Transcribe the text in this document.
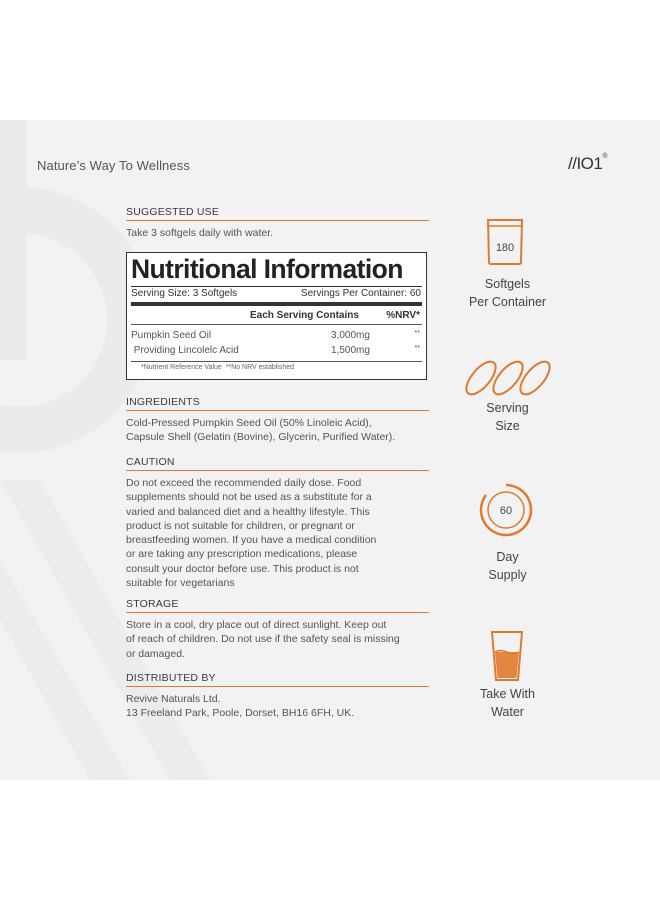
Nature’s Way To Wellness	//IO1®
SUGGESTED USE
Take 3 softgels daily with water.
Nutritional Information
Serving Size: 3 Softgels	Servings Per Container: 60
Each Serving Contains	%NRV*
Pumpkin Seed Oil	3,000mg	**
Providing Lincolelc Acid	1,500mg	**
*Nutrient Reference Value  **No NRV established
INGREDIENTS
Cold-Pressed Pumpkin Seed Oil (50% Linoleic Acid),
Capsule Shell (Gelatin (Bovine), Glycerin, Purified Water).
CAUTION
Do not exceed the recommended daily dose. Food
supplements should not be used as a substitute for a
varied and balanced diet and a healthy lifestyle. This
product is not suitable for children, or pregnant or
breastfeeding women. If you have a medical condition
or are taking any prescription medications, please
consult your doctor before use. This product is not
suitable for vegetarians
STORAGE
Store in a cool, dry place out of direct sunlight. Keep out
of reach of children. Do not use if the safety seal is missing
or damaged.
DISTRIBUTED BY
Revive Naturals Ltd.
13 Freeland Park, Poole, Dorset, BH16 6FH, UK.
180
Softgels
Per Container
Serving
Size
60
Day
Supply
Take With
Water
